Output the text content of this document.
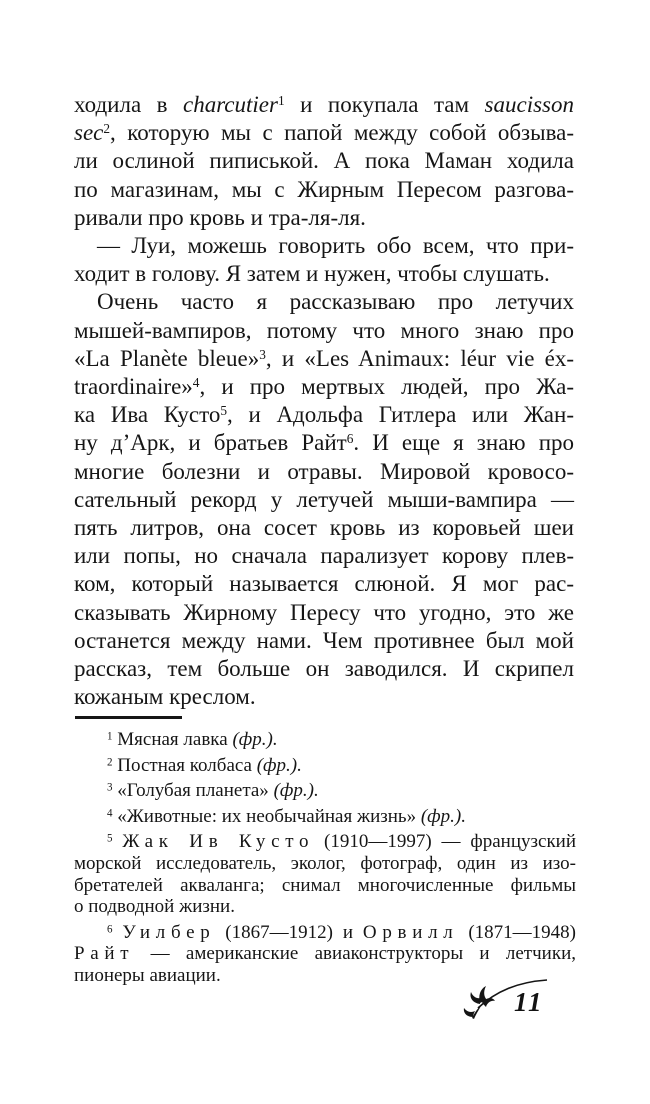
ходила в charcutier$^1$ и покупала там saucisson
$\sec^2$, которую мы с папой между собой обзыва-
ли ослиной пиписькой. А пока Маман ходила
по магазинам, мы с Жирным Пересом разгова-
ривали про кровь и тра-ля-ля.
— Луи, можешь говорить обо всем, что при-
ходит в голову. Я затем и нужен, чтобы слушать.
Очень часто я рассказываю про летучих
мышей-вампиров, потому что много знаю про
«La Planète bleue»$^3$, и «Les Animaux: léur vie éx-
traordinaire»$^4$, и про мертвых людей, про Жа-
ка Ива Кусто$^5$, и Адольфа Гитлера или Жан-
ну д’Арк, и братьев Райт$^6$. И еще я знаю про
многие болезни и отравы. Мировой кровосо-
сательный рекорд у летучей мыши-вампира —
пять литров, она сосет кровь из коровьей шеи
или попы, но сначала парализует корову плев-
ком, который называется слюной. Я мог рас-
сказывать Жирному Пересу что угодно, это же
останется между нами. Чем противнее был мой
рассказ, тем больше он заводился. И скрипел
кожаным креслом.
$^1$ Мясная лавка (фр.).
$^2$ Постная колбаса (фр.).
$^3$ «Голубая планета» (фр.).
$^4$ «Животные: их необычайная жизнь» (фр.).
$^5$ Жак Ив Кусто (1910—1997) — французский
морской исследователь, эколог, фотограф, один из изо-
бретателей акваланга; снимал многочисленные фильмы
о подводной жизни.
$^6$ Уилбер (1867—1912) и Орвилл (1871—1948)
Райт — американские авиаконструкторы и летчики,
пионеры авиации.
11
